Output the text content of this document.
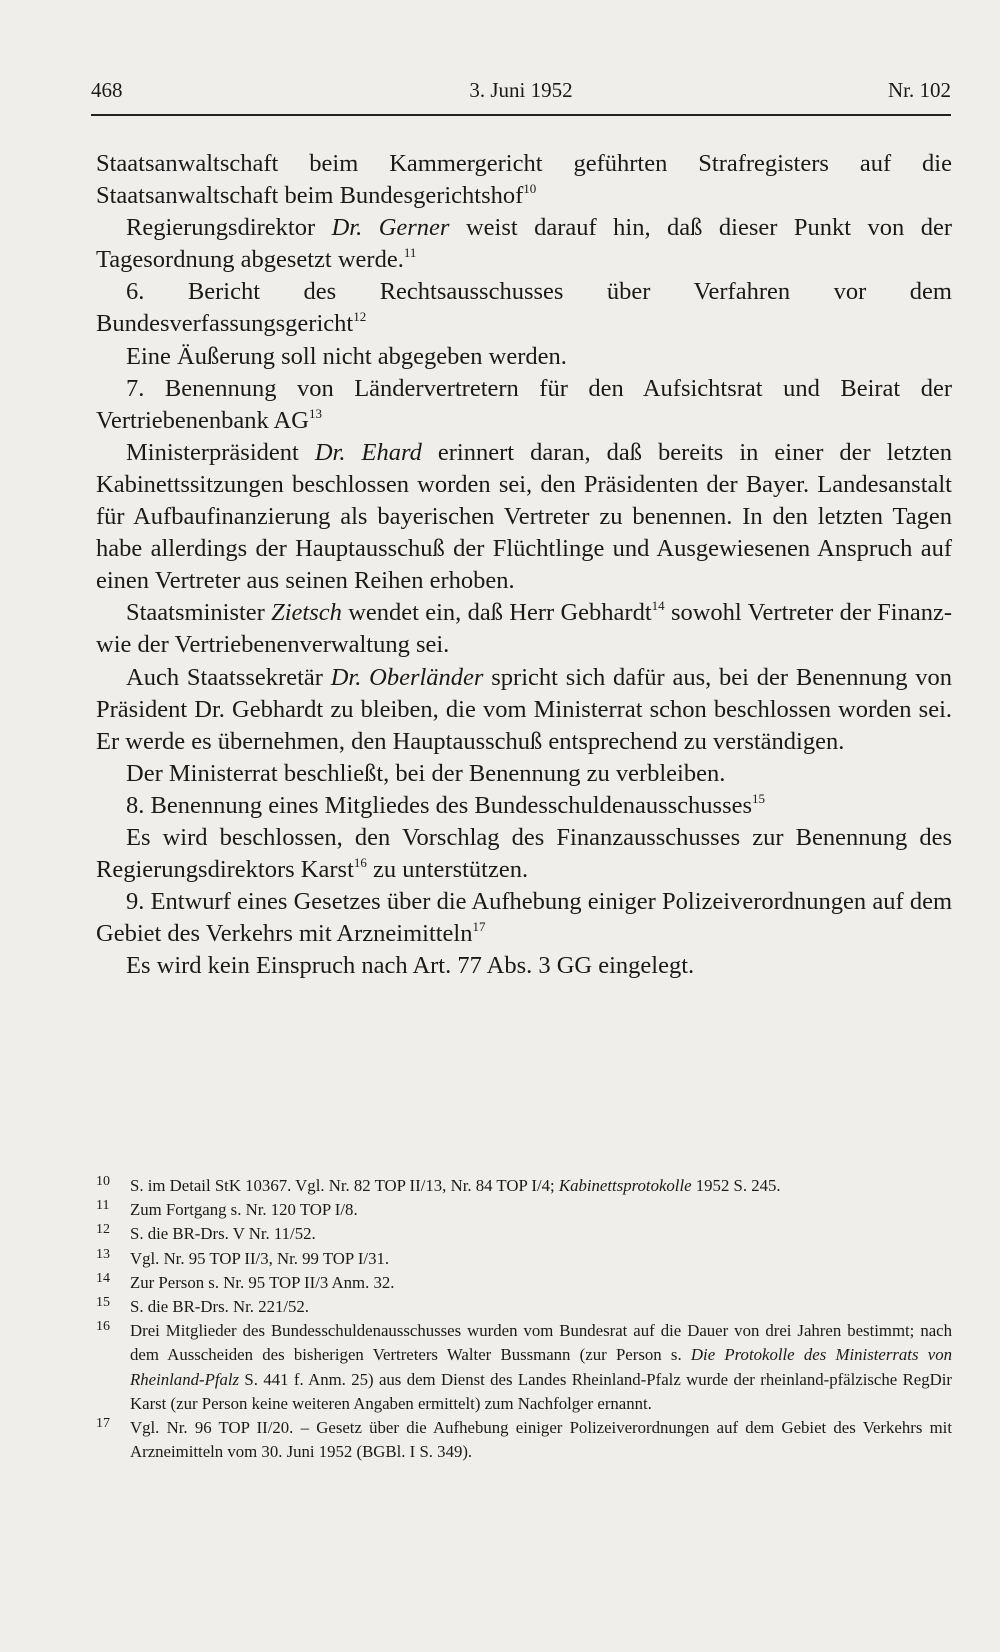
468	3. Juni 1952	Nr. 102

Staatsanwaltschaft beim Kammergericht geführten Strafregisters auf die Staatsanwaltschaft beim Bundesgerichtshof$^{10}$

Regierungsdirektor Dr. Gerner weist darauf hin, daß dieser Punkt von der Tagesordnung abgesetzt werde.$^{11}$

6. Bericht des Rechtsausschusses über Verfahren vor dem Bundesverfassungsgericht$^{12}$

Eine Äußerung soll nicht abgegeben werden.

7. Benennung von Ländervertretern für den Aufsichtsrat und Beirat der Vertriebenenbank AG$^{13}$

Ministerpräsident Dr. Ehard erinnert daran, daß bereits in einer der letzten Kabinettssitzungen beschlossen worden sei, den Präsidenten der Bayer. Landesanstalt für Aufbaufinanzierung als bayerischen Vertreter zu benennen. In den letzten Tagen habe allerdings der Hauptausschuß der Flüchtlinge und Ausgewiesenen Anspruch auf einen Vertreter aus seinen Reihen erhoben.

Staatsminister Zietsch wendet ein, daß Herr Gebhardt$^{14}$ sowohl Vertreter der Finanz- wie der Vertriebenenverwaltung sei.

Auch Staatssekretär Dr. Oberländer spricht sich dafür aus, bei der Benennung von Präsident Dr. Gebhardt zu bleiben, die vom Ministerrat schon beschlossen worden sei. Er werde es übernehmen, den Hauptausschuß entsprechend zu verständigen.

Der Ministerrat beschließt, bei der Benennung zu verbleiben.

8. Benennung eines Mitgliedes des Bundesschuldenausschusses$^{15}$

Es wird beschlossen, den Vorschlag des Finanzausschusses zur Benennung des Regierungsdirektors Karst$^{16}$ zu unterstützen.

9. Entwurf eines Gesetzes über die Aufhebung einiger Polizeiverordnungen auf dem Gebiet des Verkehrs mit Arzneimitteln$^{17}$

Es wird kein Einspruch nach Art. 77 Abs. 3 GG eingelegt.

10 S. im Detail StK 10367. Vgl. Nr. 82 TOP II/13, Nr. 84 TOP I/4; Kabinettsprotokolle 1952 S. 245.
11 Zum Fortgang s. Nr. 120 TOP I/8.
12 S. die BR-Drs. V Nr. 11/52.
13 Vgl. Nr. 95 TOP II/3, Nr. 99 TOP I/31.
14 Zur Person s. Nr. 95 TOP II/3 Anm. 32.
15 S. die BR-Drs. Nr. 221/52.
16 Drei Mitglieder des Bundesschuldenausschusses wurden vom Bundesrat auf die Dauer von drei Jahren bestimmt; nach dem Ausscheiden des bisherigen Vertreters Walter Bussmann (zur Person s. Die Protokolle des Ministerrats von Rheinland-Pfalz S. 441 f. Anm. 25) aus dem Dienst des Landes Rheinland-Pfalz wurde der rheinland-pfälzische RegDir Karst (zur Person keine weiteren Angaben ermittelt) zum Nachfolger ernannt.
17 Vgl. Nr. 96 TOP II/20. – Gesetz über die Aufhebung einiger Polizeiverordnungen auf dem Gebiet des Verkehrs mit Arzneimitteln vom 30. Juni 1952 (BGBl. I S. 349).
